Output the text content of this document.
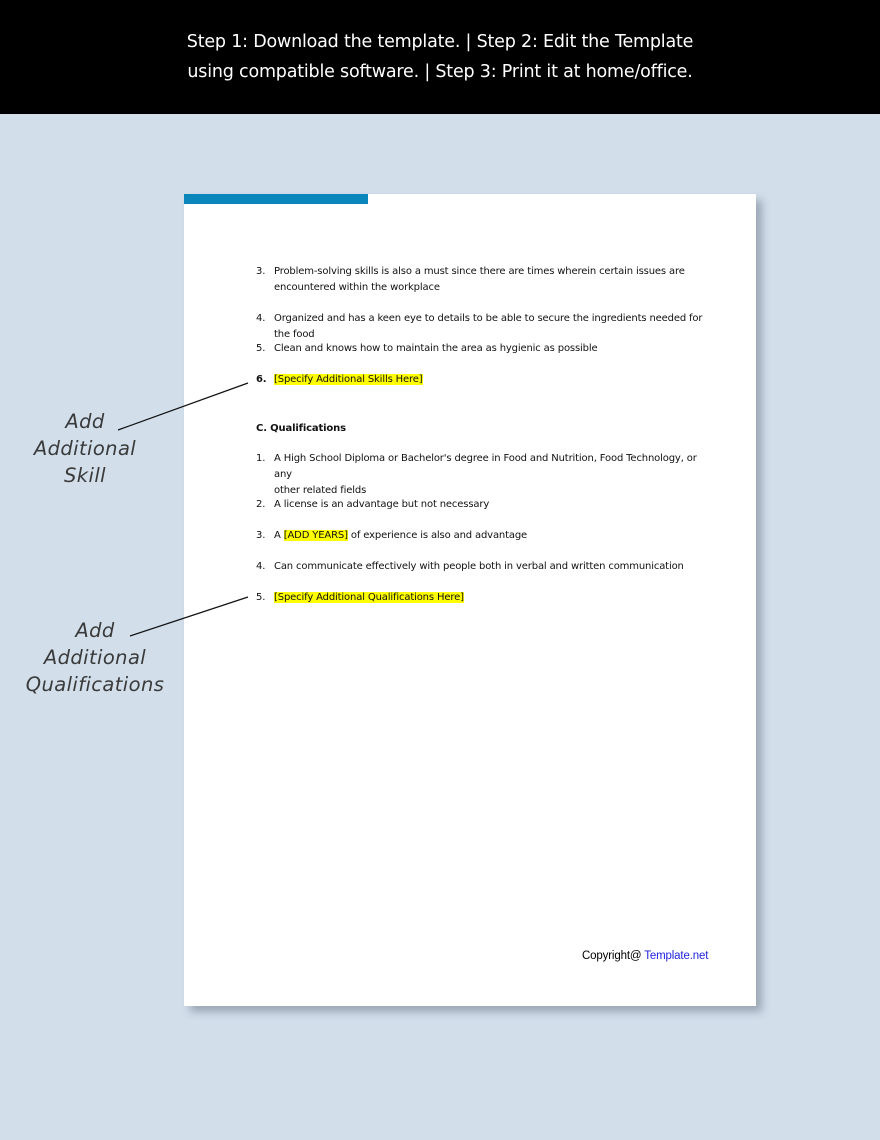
Step 1: Download the template. | Step 2: Edit the Template
using compatible software. | Step 3: Print it at home/office.
3. Problem-solving skills is also a must since there are times wherein certain issues are
encountered within the workplace
4. Organized and has a keen eye to details to be able to secure the ingredients needed for the food
5. Clean and knows how to maintain the area as hygienic as possible
6. [Specify Additional Skills Here]
C. Qualifications
1. A High School Diploma or Bachelor's degree in Food and Nutrition, Food Technology, or any
other related fields
2. A license is an advantage but not necessary
3. A [ADD YEARS] of experience is also and advantage
4. Can communicate effectively with people both in verbal and written communication
5. [Specify Additional Qualifications Here]
Copyright@ Template.net
Add
Additional
Skill
Add
Additional
Qualifications
